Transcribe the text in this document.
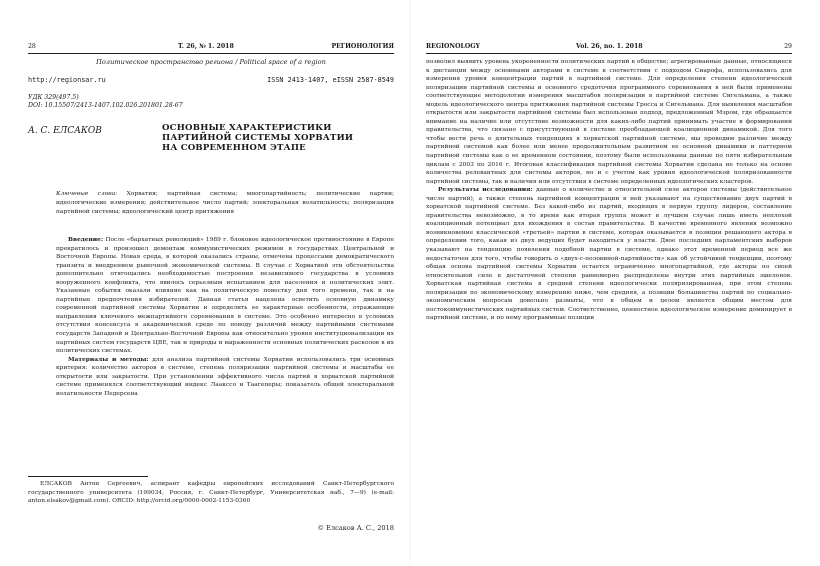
28	T. 26, № 1. 2018	РЕГИОНОЛОГИЯ
Политическое пространство региона / Political space of a region
http://regionsar.ru	ISSN 2413-1407, eISSN 2587-8549
УДК 329(497.5)
DOI: 10.15507/2413-1407.102.026.201801.28-67
А. С. ЕЛСАКОВ	ОСНОВНЫЕ ХАРАКТЕРИСТИКИ
ПАРТИЙНОЙ СИСТЕМЫ ХОРВАТИИ
НА СОВРЕМЕННОМ ЭТАПЕ
Ключевые слова: Хорватия; партийная система; многопартийность; политические партии; идеологические измерения; действительное число партий; электоральная волатильность; поляризация партийной системы; идеологический центр притяжения

Введение: После «бархатных революций» 1989 г. блоковое идеологическое противостояние в Европе прекратилось и произошел демонтаж коммунистических режимов в государствах Центральной и Восточной Европы. Новая среда, в которой оказались страны, отмечена процессами демократического транзита и внедрением рыночной экономической системы. В случае с Хорватией эти обстоятельства дополнительно отягощались необходимостью построения независимого государства в условиях вооруженного конфликта, что явилось серьезным испытанием для населения и политических элит. Указанные события оказали влияние как на политическую повестку дня того времени, так и на партийные предпочтения избирателей. Данная статья нацелена осветить основную динамику современной партийной системы Хорватии и определить ее характерные особенности, отражающие направления ключевого межпартийного соревнования в системе. Это особенно интересно в условиях отсутствия консенсуса в академической среде по поводу различий между партийными системами государств Западной и Центрально-Восточной Европы как относительно уровня институционализации их партийных систем государств ЦВЕ, так и природы и выраженности основных политических расколов в их политических системах.

Материалы и методы: для анализа партийной системы Хорватии использовались три основных критерия: количество акторов в системе, степень поляризации партийной системы и масштабы ее открытости или закрытости. При установлении эффективного числа партий в хорватской партийной системе применялся соответствующий индекс Лаакссо и Таагеперы; показатель общей электоральной волатильности Педерсена

ЕЛСАКОВ Антон Сергеевич, аспирант кафедры европейских исследований Санкт-Петербургского государственного университета (199034, Россия, г. Санкт-Петербург, Университетская наб., 7—9) (e-mail: anton.elsakov@gmail.com). ORCID: http://orcid.org/0000-0002-1153-0360

© Елсаков А. С., 2018
REGIONOLOGY	Vol. 26, no. 1. 2018	29

позволил выявить уровень укорененности политических партий в обществе; агрегированные данные, относящиеся к дистанции между основными акторами в системе в соответствии с подходом Сиарофа, использовались для измерения уровня концентрации партий в партийной системе. Для определения степени идеологической поляризации партийной системы и основного средоточия программного соревнования в ней были применены соответствующие методологии измерения масштабов поляризации в партийной системе Сигельмана, а также модель идеологического центра притяжения партийной системы Гросса и Сигельмана. Для выявления масштабов открытости или закрытости партийной системы был использован подход, предложенный Мэром, где обращается внимание на наличие или отсутствие возможности для каких-либо партий принимать участие в формировании правительства, что связано с присутствующей в системе преобладающей коалиционной динамикой. Для того чтобы вести речь о длительных тенденциях в хорватской партийной системе, мы проводим различие между партийной системой как более или менее продолжительным развитием ее основной динамики и паттерном партийной системы как о ее временном состоянии, поэтому были использованы данные по пяти избирательным циклам с 2003 по 2016 г. Итоговая классификация партийной системы Хорватии сделана не только на основе количества релевантных для системы акторов, но и с учетом как уровня идеологической поляризованности партийной системы, так и наличия или отсутствия в системе определенных идеологических кластеров.

Результаты исследования: данные о количестве и относительной силе акторов системы (действительное число партий), а также степень партийной концентрации в ней указывают на существование двух партий в хорватской партийной системе. Без какой-либо из партий, входящих в первую группу лидеров, составление правительства невозможно, в то время как вторая группа может в лучшем случае лишь иметь неплохой коалиционный потенциал для вхождения в состав правительства. В качестве временного явления возможно возникновение классической «третьей» партии в системе, которая оказывается в позиции решающего актора в определении того, какая из двух ведущих будет находиться у власти. Двое последних парламентских выборов указывают на тенденцию появления подобной партии в системе, однако этот временной период все же недостаточен для того, чтобы говорить о «двух-с-половиной-партийности» как об устойчивой тенденции, поэтому общая оснoва партийной системы Хорватии остается ограниченно многопартийной, где акторы по своей относительной силе в достаточной степени равномерно распределены внутри этих партийных эшелонов. Хорватская партийная система в средней степени идеологически поляризированная, при этом степень поляризации по экономическому измерению ниже, чем средняя, а позиции большинства партий по социально-экономическим вопросам довольно размыты, что в общем и целом является общим местом для постокоммунистических партийных систем. Соответственно, ценностное идеологическое измерение доминирует в партийной системе, и по нему программные позиции
